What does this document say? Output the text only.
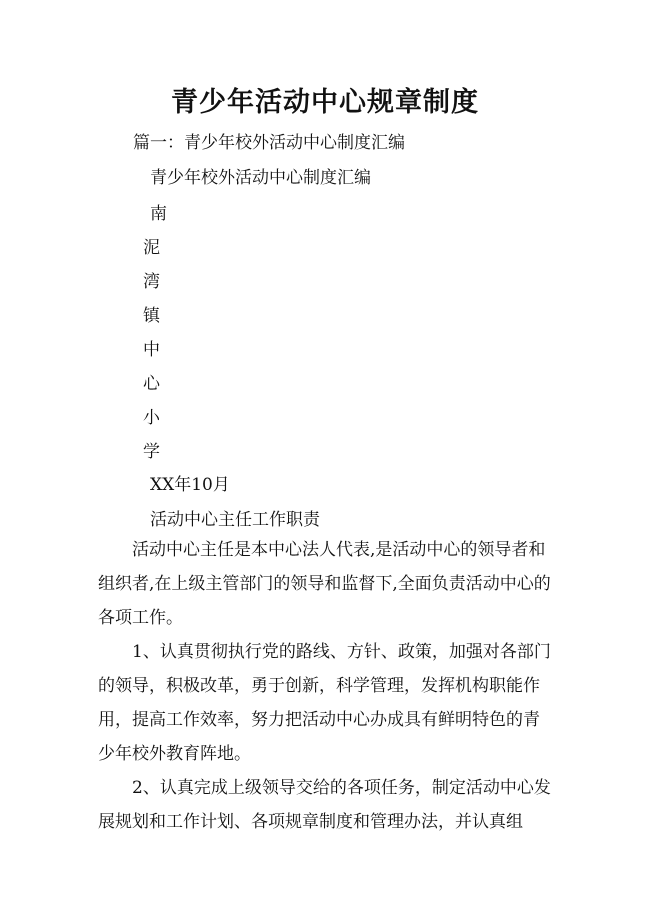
青少年活动中心规章制度
篇一：青少年校外活动中心制度汇编
青少年校外活动中心制度汇编
南
泥
湾
镇
中
心
小
学
XX年10月
活动中心主任工作职责

活动中心主任是本中心法人代表,是活动中心的领导者和组织者,在上级主管部门的领导和监督下,全面负责活动中心的各项工作。

1、认真贯彻执行党的路线、方针、政策，加强对各部门的领导，积极改革，勇于创新，科学管理，发挥机构职能作用，提高工作效率，努力把活动中心办成具有鲜明特色的青少年校外教育阵地。

2、认真完成上级领导交给的各项任务，制定活动中心发展规划和工作计划、各项规章制度和管理办法，并认真组
